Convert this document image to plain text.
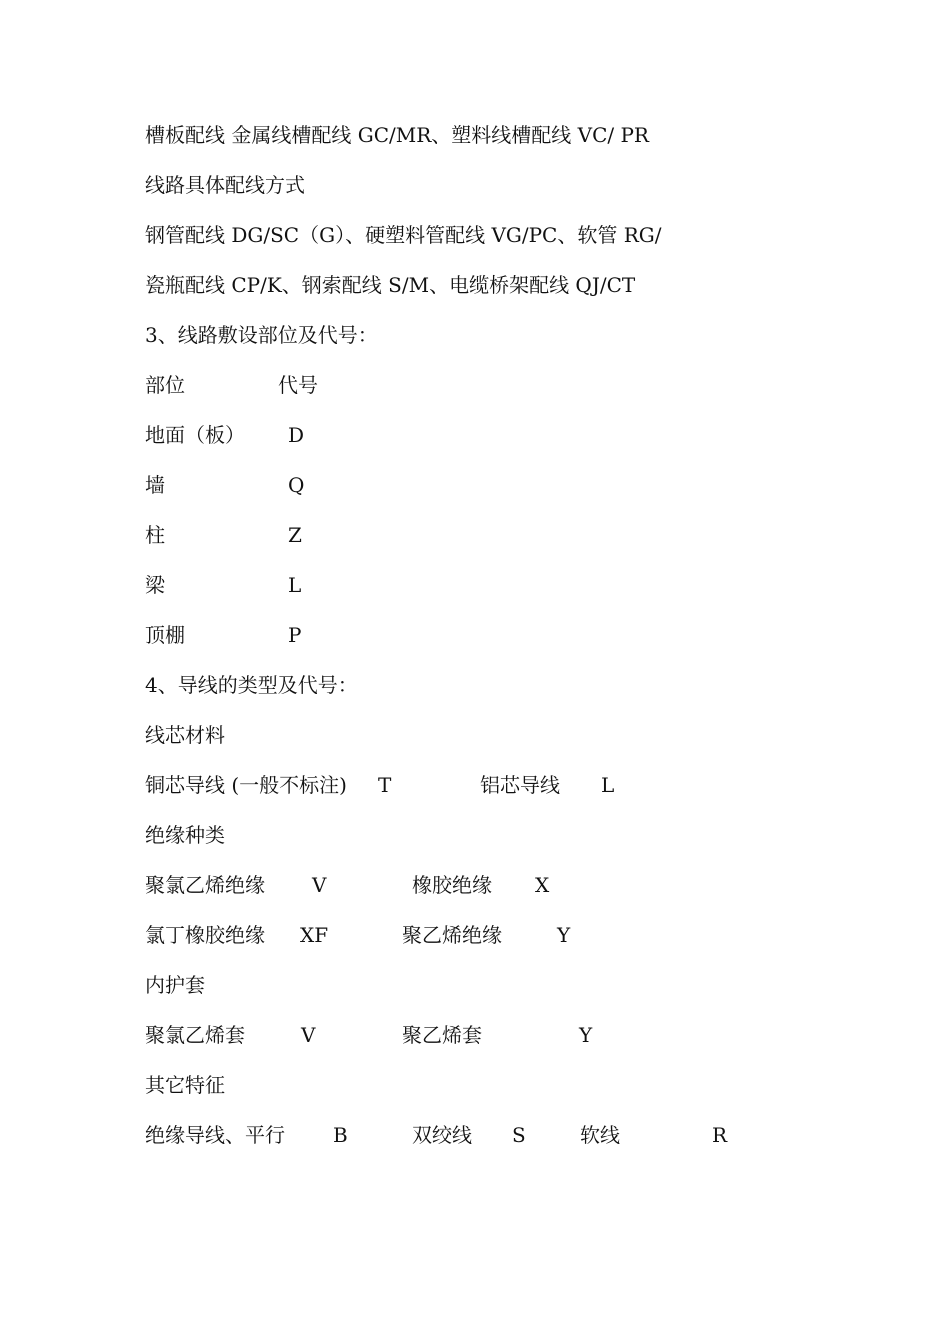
槽板配线 金属线槽配线 GC/MR、塑料线槽配线 VC/ PR
线路具体配线方式
钢管配线 DG/SC（G）、硬塑料管配线 VG/PC、软管 RG/
瓷瓶配线 CP/K、钢索配线 S/M、电缆桥架配线 QJ/CT
3、线路敷设部位及代号：
部位	代号
地面（板） D
墙	Q
柱	Z
梁	L
顶棚	P
4、导线的类型及代号：
线芯材料
铜芯导线 (一般不标注) T	铝芯导线 L
绝缘种类
聚氯乙烯绝缘 V	橡胶绝缘 X
氯丁橡胶绝缘 XF	聚乙烯绝缘	Y
内护套
聚氯乙烯套	V	聚乙烯套	Y
其它特征
绝缘导线、平行 B	双绞线 S	软线	R
